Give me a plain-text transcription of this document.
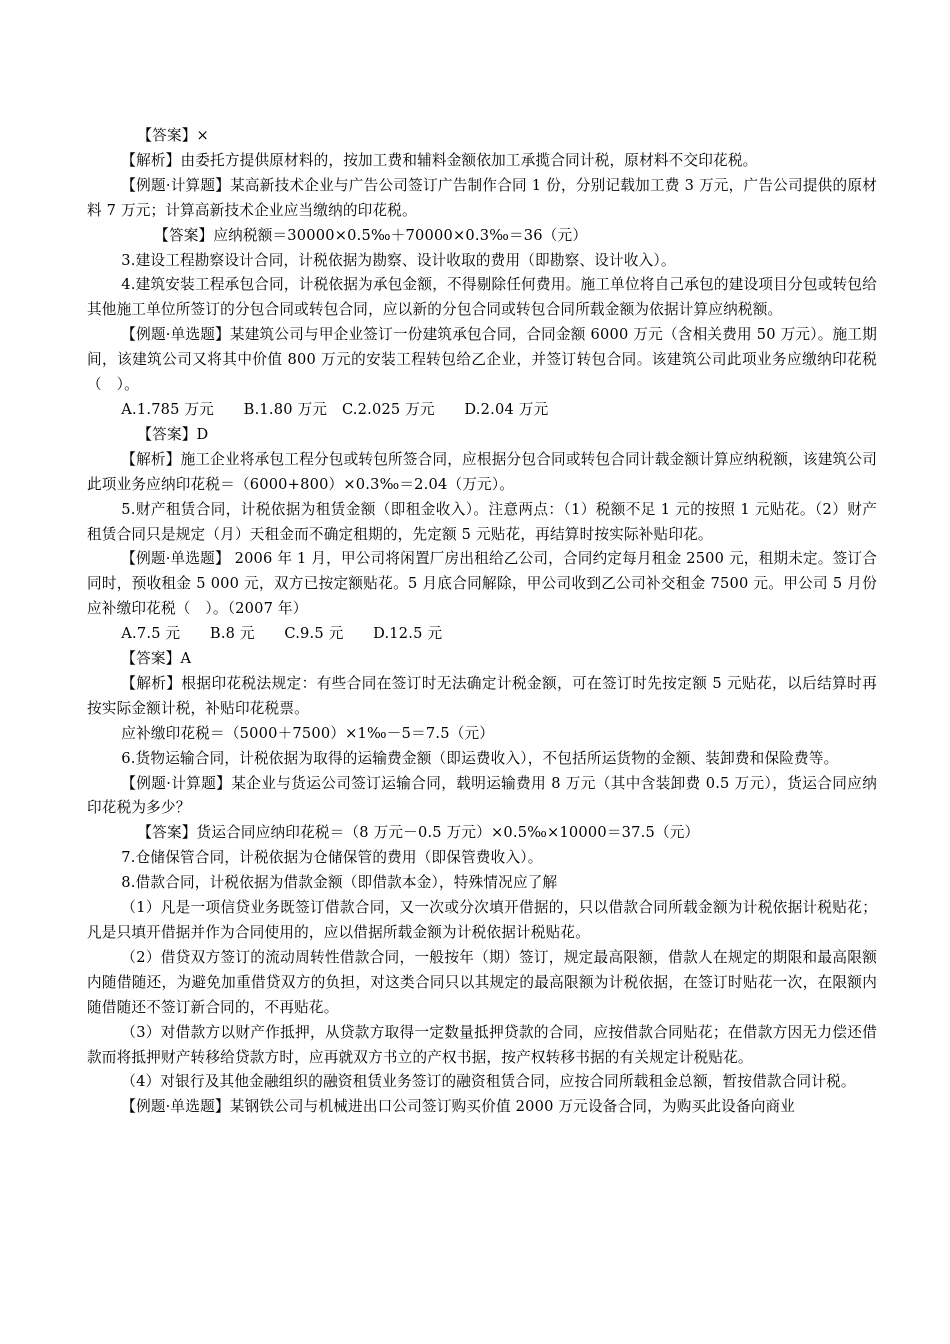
【答案】×

【解析】由委托方提供原材料的，按加工费和辅料金额依加工承揽合同计税，原材料不交印花税。

【例题·计算题】某高新技术企业与广告公司签订广告制作合同 1 份，分别记载加工费 3 万元，广告公司提供的原材料 7 万元；计算高新技术企业应当缴纳的印花税。

【答案】应纳税额＝30000×0.5‰＋70000×0.3‰＝36（元）

3.建设工程勘察设计合同，计税依据为勘察、设计收取的费用（即勘察、设计收入）。

4.建筑安装工程承包合同，计税依据为承包金额，不得剔除任何费用。施工单位将自己承包的建设项目分包或转包给其他施工单位所签订的分包合同或转包合同，应以新的分包合同或转包合同所载金额为依据计算应纳税额。

【例题·单选题】某建筑公司与甲企业签订一份建筑承包合同，合同金额 6000 万元（含相关费用 50 万元）。施工期间，该建筑公司又将其中价值 800 万元的安装工程转包给乙企业，并签订转包合同。该建筑公司此项业务应缴纳印花税（　）。

A.1.785 万元　　B.1.80 万元　C.2.025 万元　　D.2.04 万元

【答案】D

【解析】施工企业将承包工程分包或转包所签合同，应根据分包合同或转包合同计载金额计算应纳税额，该建筑公司此项业务应纳印花税＝（6000+800）×0.3‰＝2.04（万元）。

5.财产租赁合同，计税依据为租赁金额（即租金收入）。注意两点：（1）税额不足 1 元的按照 1 元贴花。（2）财产租赁合同只是规定（月）天租金而不确定租期的，先定额 5 元贴花，再结算时按实际补贴印花。

【例题·单选题】 2006 年 1 月，甲公司将闲置厂房出租给乙公司，合同约定每月租金 2500 元，租期未定。签订合同时，预收租金 5 000 元，双方已按定额贴花。5 月底合同解除，甲公司收到乙公司补交租金 7500 元。甲公司 5 月份应补缴印花税（　）。（2007 年）

A.7.5 元　　B.8 元　　C.9.5 元　　D.12.5 元

【答案】A

【解析】根据印花税法规定：有些合同在签订时无法确定计税金额，可在签订时先按定额 5 元贴花，以后结算时再按实际金额计税，补贴印花税票。

应补缴印花税＝（5000＋7500）×1‰－5＝7.5（元）

6.货物运输合同，计税依据为取得的运输费金额（即运费收入），不包括所运货物的金额、装卸费和保险费等。

【例题·计算题】某企业与货运公司签订运输合同，载明运输费用 8 万元（其中含装卸费 0.5 万元），货运合同应纳印花税为多少？

【答案】货运合同应纳印花税＝（8 万元－0.5 万元）×0.5‰×10000＝37.5（元）

7.仓储保管合同，计税依据为仓储保管的费用（即保管费收入）。

8.借款合同，计税依据为借款金额（即借款本金），特殊情况应了解

（1）凡是一项信贷业务既签订借款合同，又一次或分次填开借据的，只以借款合同所载金额为计税依据计税贴花；凡是只填开借据并作为合同使用的，应以借据所载金额为计税依据计税贴花。

（2）借贷双方签订的流动周转性借款合同，一般按年（期）签订，规定最高限额，借款人在规定的期限和最高限额内随借随还，为避免加重借贷双方的负担，对这类合同只以其规定的最高限额为计税依据，在签订时贴花一次，在限额内随借随还不签订新合同的，不再贴花。

（3）对借款方以财产作抵押，从贷款方取得一定数量抵押贷款的合同，应按借款合同贴花；在借款方因无力偿还借款而将抵押财产转移给贷款方时，应再就双方书立的产权书据，按产权转移书据的有关规定计税贴花。

（4）对银行及其他金融组织的融资租赁业务签订的融资租赁合同，应按合同所载租金总额，暂按借款合同计税。

【例题·单选题】某钢铁公司与机械进出口公司签订购买价值 2000 万元设备合同，为购买此设备向商业
